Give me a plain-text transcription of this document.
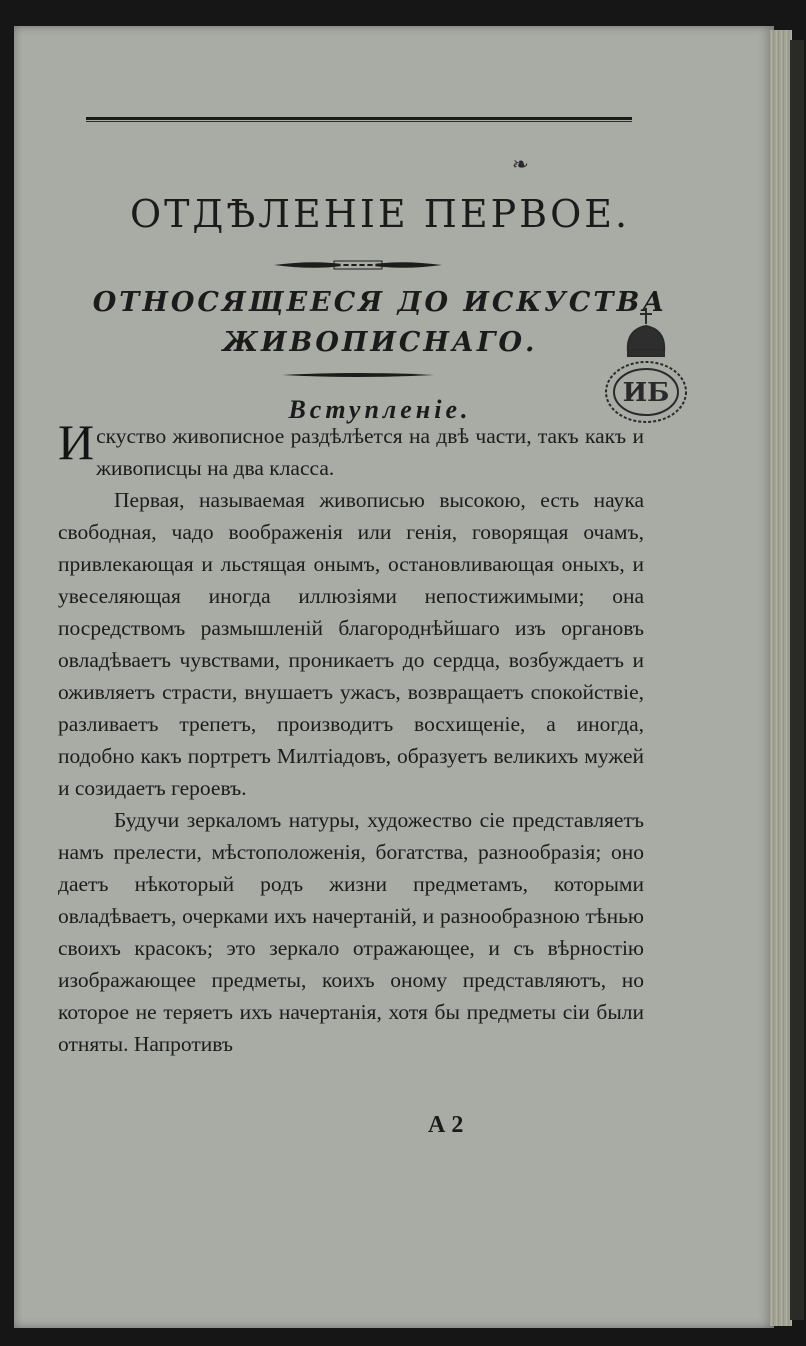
❧
ОТДѢЛЕНІЕ ПЕРВОЕ.
ОТНОСЯЩЕЕСЯ ДО ИСКУСТВА
ЖИВОПИСНАГО.

Вступленіе.

Искуство живописное раздѣлѣется на двѣ части, такъ какъ и живописцы на два класса.

Первая, называемая живописью высокою, есть наука свободная, чадо воображенія или генія, говорящая очамъ, привлекающая и льстящая онымъ, остановливающая оныхъ, и увеселяющая иногда иллюзіями непостижимыми; она посредствомъ размышленій благороднѣйшаго изъ органовъ овладѣваетъ чувствами, проникаетъ до сердца, возбуждаетъ и оживляетъ страсти, внушаетъ ужасъ, возвращаетъ спокойствіе, разливаетъ трепетъ, производитъ восхищеніе, а иногда, подобно какъ портретъ Милтіадовъ, образуетъ великихъ мужей и созидаетъ героевъ.

Будучи зеркаломъ натуры, художество сіе представляетъ намъ прелести, мѣстоположенія, богатства, разнообразія; оно даетъ нѣкоторый родъ жизни предметамъ, которыми овладѣваетъ, очерками ихъ начертаній, и разнообразною тѣнью своихъ красокъ; это зеркало отражающее, и съ вѣрностію изображающее предметы, коихъ оному представляютъ, но которое не теряетъ ихъ начертанія, хотя бы предметы сіи были отняты. Напротивъ

А 2
ИБ
